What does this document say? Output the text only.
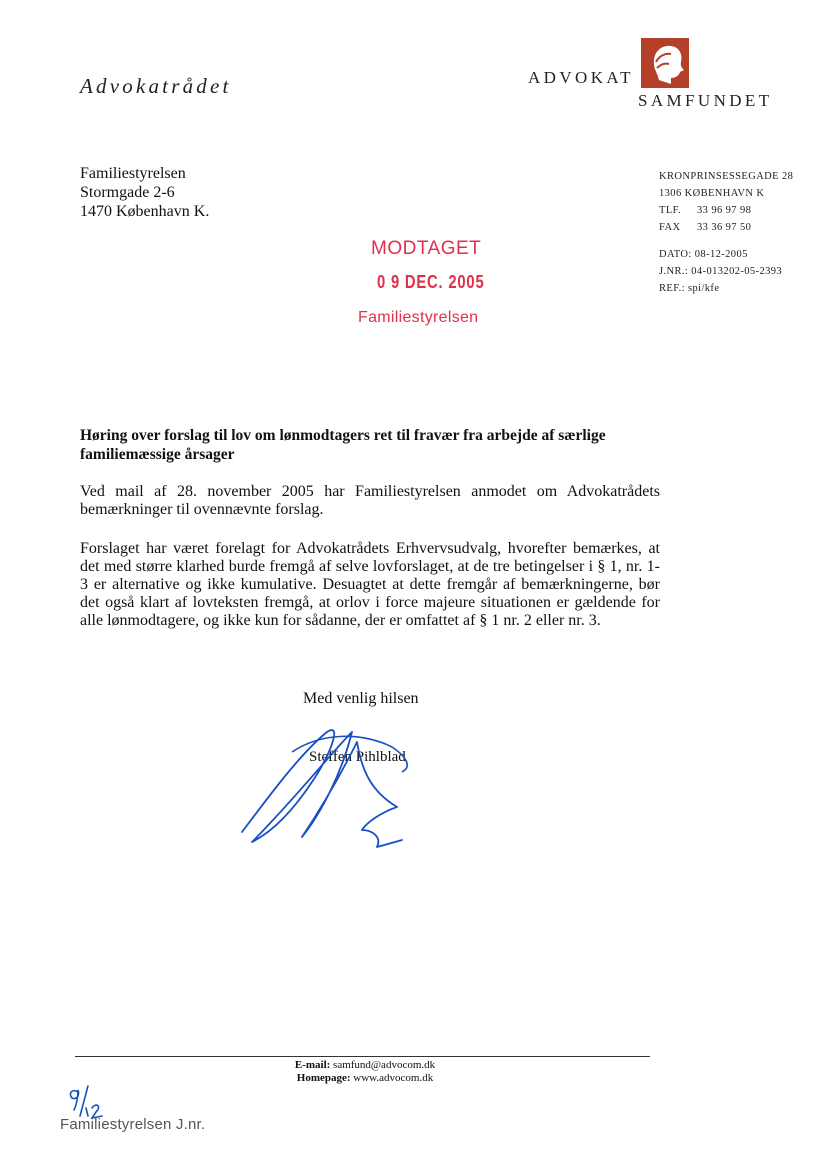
Advokatrådet	ADVOKAT
SAMFUNDET
Familiestyrelsen
Stormgade 2-6
1470 København K.
KRONPRINSESSEGADE 28
1306 KØBENHAVN K
TLF. 33 96 97 98
FAX 33 36 97 50
DATO: 08-12-2005
J.NR.: 04-013202-05-2393
REF.: spi/kfe
MODTAGET
0 9 DEC. 2005
Familiestyrelsen
Høring over forslag til lov om lønmodtagers ret til fravær fra arbejde af særlige familiemæssige årsager
Ved mail af 28. november 2005 har Familiestyrelsen anmodet om Advokatrådets bemærkninger til ovennævnte forslag.
Forslaget har været forelagt for Advokatrådets Erhvervsudvalg, hvorefter bemærkes, at det med større klarhed burde fremgå af selve lovforslaget, at de tre betingelser i § 1, nr. 1-3 er alternative og ikke kumulative. Desuagtet at dette fremgår af bemærkningerne, bør det også klart af lovteksten fremgå, at orlov i force majeure situationen er gældende for alle lønmodtagere, og ikke kun for sådanne, der er omfattet af § 1 nr. 2 eller nr. 3.
Med venlig hilsen
Steffen Pihlblad
E-mail: samfund@advocom.dk
Homepage: www.advocom.dk
Familiestyrelsen J.nr.
